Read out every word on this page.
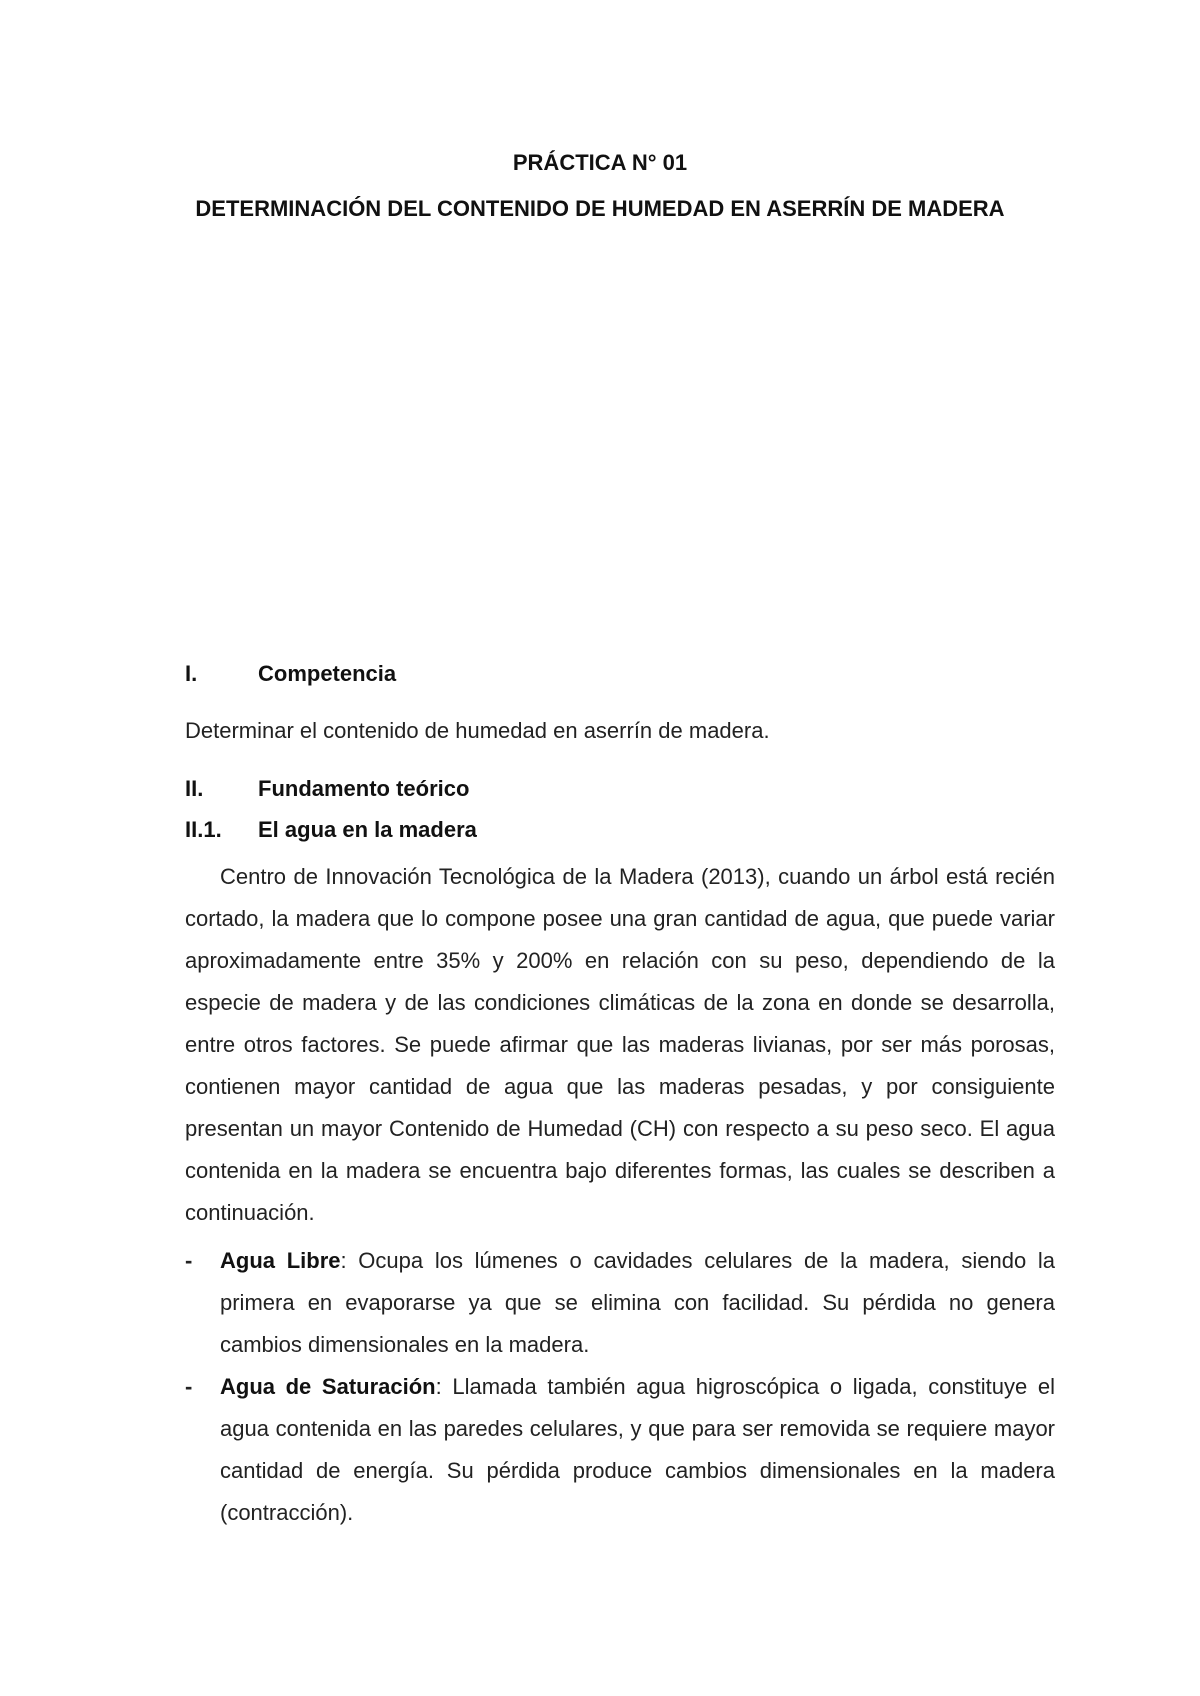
PRÁCTICA N° 01
DETERMINACIÓN DEL CONTENIDO DE HUMEDAD EN ASERRÍN DE MADERA
I.	Competencia
Determinar el contenido de humedad en aserrín de madera.
II. Fundamento teórico
II.1. El agua en la madera

Centro de Innovación Tecnológica de la Madera (2013), cuando un árbol está recién cortado, la madera que lo compone posee una gran cantidad de agua, que puede variar aproximadamente entre 35% y 200% en relación con su peso, dependiendo de la especie de madera y de las condiciones climáticas de la zona en donde se desarrolla, entre otros factores. Se puede afirmar que las maderas livianas, por ser más porosas, contienen mayor cantidad de agua que las maderas pesadas, y por consiguiente presentan un mayor Contenido de Humedad (CH) con respecto a su peso seco. El agua contenida en la madera se encuentra bajo diferentes formas, las cuales se describen a continuación.

- Agua Libre: Ocupa los lúmenes o cavidades celulares de la madera, siendo la primera en evaporarse ya que se elimina con facilidad. Su pérdida no genera cambios dimensionales en la madera.
- Agua de Saturación: Llamada también agua higroscópica o ligada, constituye el agua contenida en las paredes celulares, y que para ser removida se requiere mayor cantidad de energía. Su pérdida produce cambios dimensionales en la madera (contracción).
